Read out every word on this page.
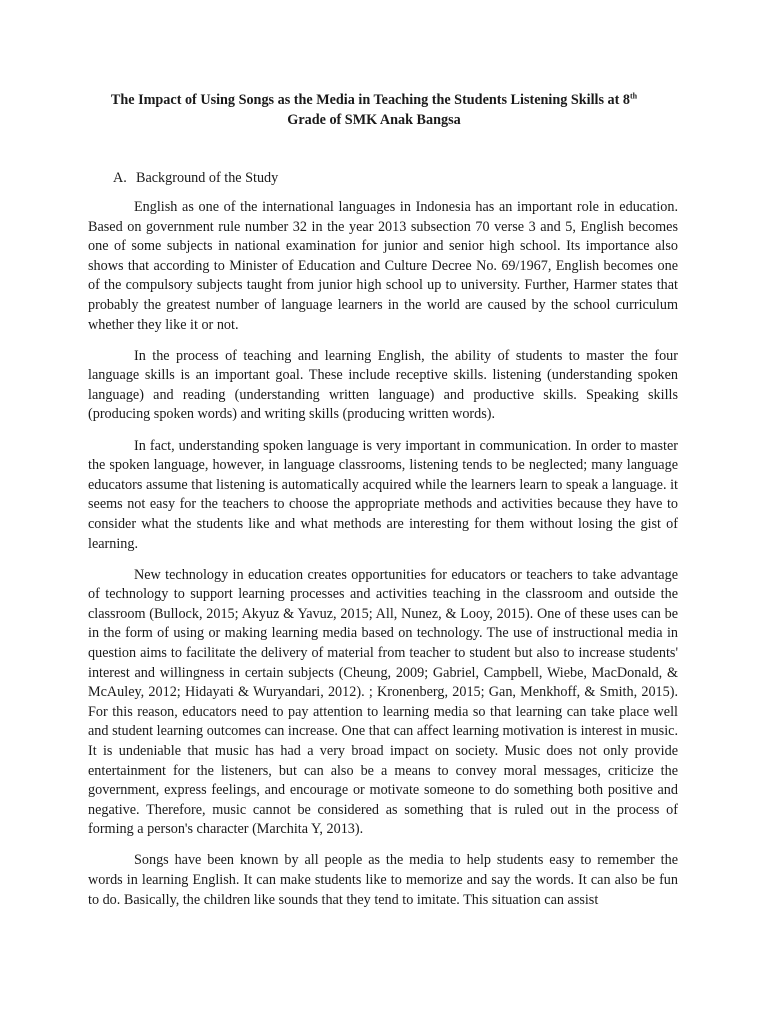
The Impact of Using Songs as the Media in Teaching the Students Listening Skills at 8th
Grade of SMK Anak Bangsa
A. Background of the Study

English as one of the international languages in Indonesia has an important role in education. Based on government rule number 32 in the year 2013 subsection 70 verse 3 and 5, English becomes one of some subjects in national examination for junior and senior high school. Its importance also shows that according to Minister of Education and Culture Decree No. 69/1967, English becomes one of the compulsory subjects taught from junior high school up to university. Further, Harmer states that probably the greatest number of language learners in the world are caused by the school curriculum whether they like it or not.

In the process of teaching and learning English, the ability of students to master the four language skills is an important goal. These include receptive skills. listening (understanding spoken language) and reading (understanding written language) and productive skills. Speaking skills (producing spoken words) and writing skills (producing written words).

In fact, understanding spoken language is very important in communication. In order to master the spoken language, however, in language classrooms, listening tends to be neglected; many language educators assume that listening is automatically acquired while the learners learn to speak a language. it seems not easy for the teachers to choose the appropriate methods and activities because they have to consider what the students like and what methods are interesting for them without losing the gist of learning.

New technology in education creates opportunities for educators or teachers to take advantage of technology to support learning processes and activities teaching in the classroom and outside the classroom (Bullock, 2015; Akyuz & Yavuz, 2015; All, Nunez, & Looy, 2015). One of these uses can be in the form of using or making learning media based on technology. The use of instructional media in question aims to facilitate the delivery of material from teacher to student but also to increase students' interest and willingness in certain subjects (Cheung, 2009; Gabriel, Campbell, Wiebe, MacDonald, & McAuley, 2012; Hidayati & Wuryandari, 2012). ; Kronenberg, 2015; Gan, Menkhoff, & Smith, 2015). For this reason, educators need to pay attention to learning media so that learning can take place well and student learning outcomes can increase. One that can affect learning motivation is interest in music. It is undeniable that music has had a very broad impact on society. Music does not only provide entertainment for the listeners, but can also be a means to convey moral messages, criticize the government, express feelings, and encourage or motivate someone to do something both positive and negative. Therefore, music cannot be considered as something that is ruled out in the process of forming a person's character (Marchita Y, 2013).

Songs have been known by all people as the media to help students easy to remember the words in learning English. It can make students like to memorize and say the words. It can also be fun to do. Basically, the children like sounds that they tend to imitate. This situation can assist
